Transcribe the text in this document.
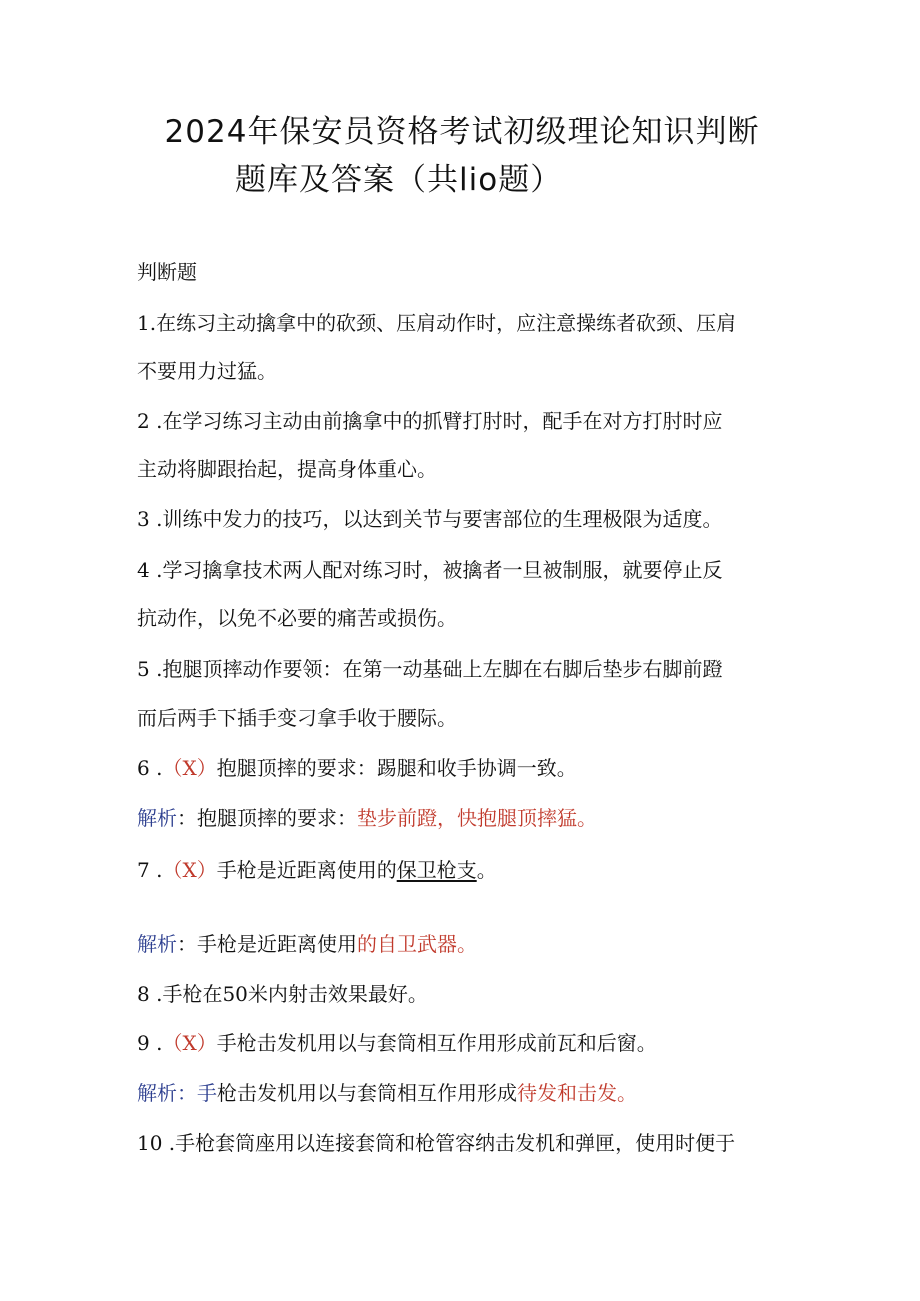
2024年保安员资格考试初级理论知识判断
题库及答案（共lio题）
判断题
1.在练习主动擒拿中的砍颈、压肩动作时，应注意操练者砍颈、压肩
不要用力过猛。
2 .在学习练习主动由前擒拿中的抓臂打肘时，配手在对方打肘时应
主动将脚跟抬起，提高身体重心。
3 .训练中发力的技巧，以达到关节与要害部位的生理极限为适度。
4 .学习擒拿技术两人配对练习时，被擒者一旦被制服，就要停止反
抗动作，以免不必要的痛苦或损伤。
5 .抱腿顶摔动作要领：在第一动基础上左脚在右脚后垫步右脚前蹬
而后两手下插手变刁拿手收于腰际。
6 .（X）抱腿顶摔的要求：踢腿和收手协调一致。
解析：抱腿顶摔的要求：垫步前蹬，快抱腿顶摔猛。
7 .（X）手枪是近距离使用的保卫枪支。
解析：手枪是近距离使用的自卫武器。
8 .手枪在50米内射击效果最好。
9 .（X）手枪击发机用以与套筒相互作用形成前瓦和后窗。
解析：手枪击发机用以与套筒相互作用形成待发和击发。
10 .手枪套筒座用以连接套筒和枪管容纳击发机和弹匣，使用时便于
